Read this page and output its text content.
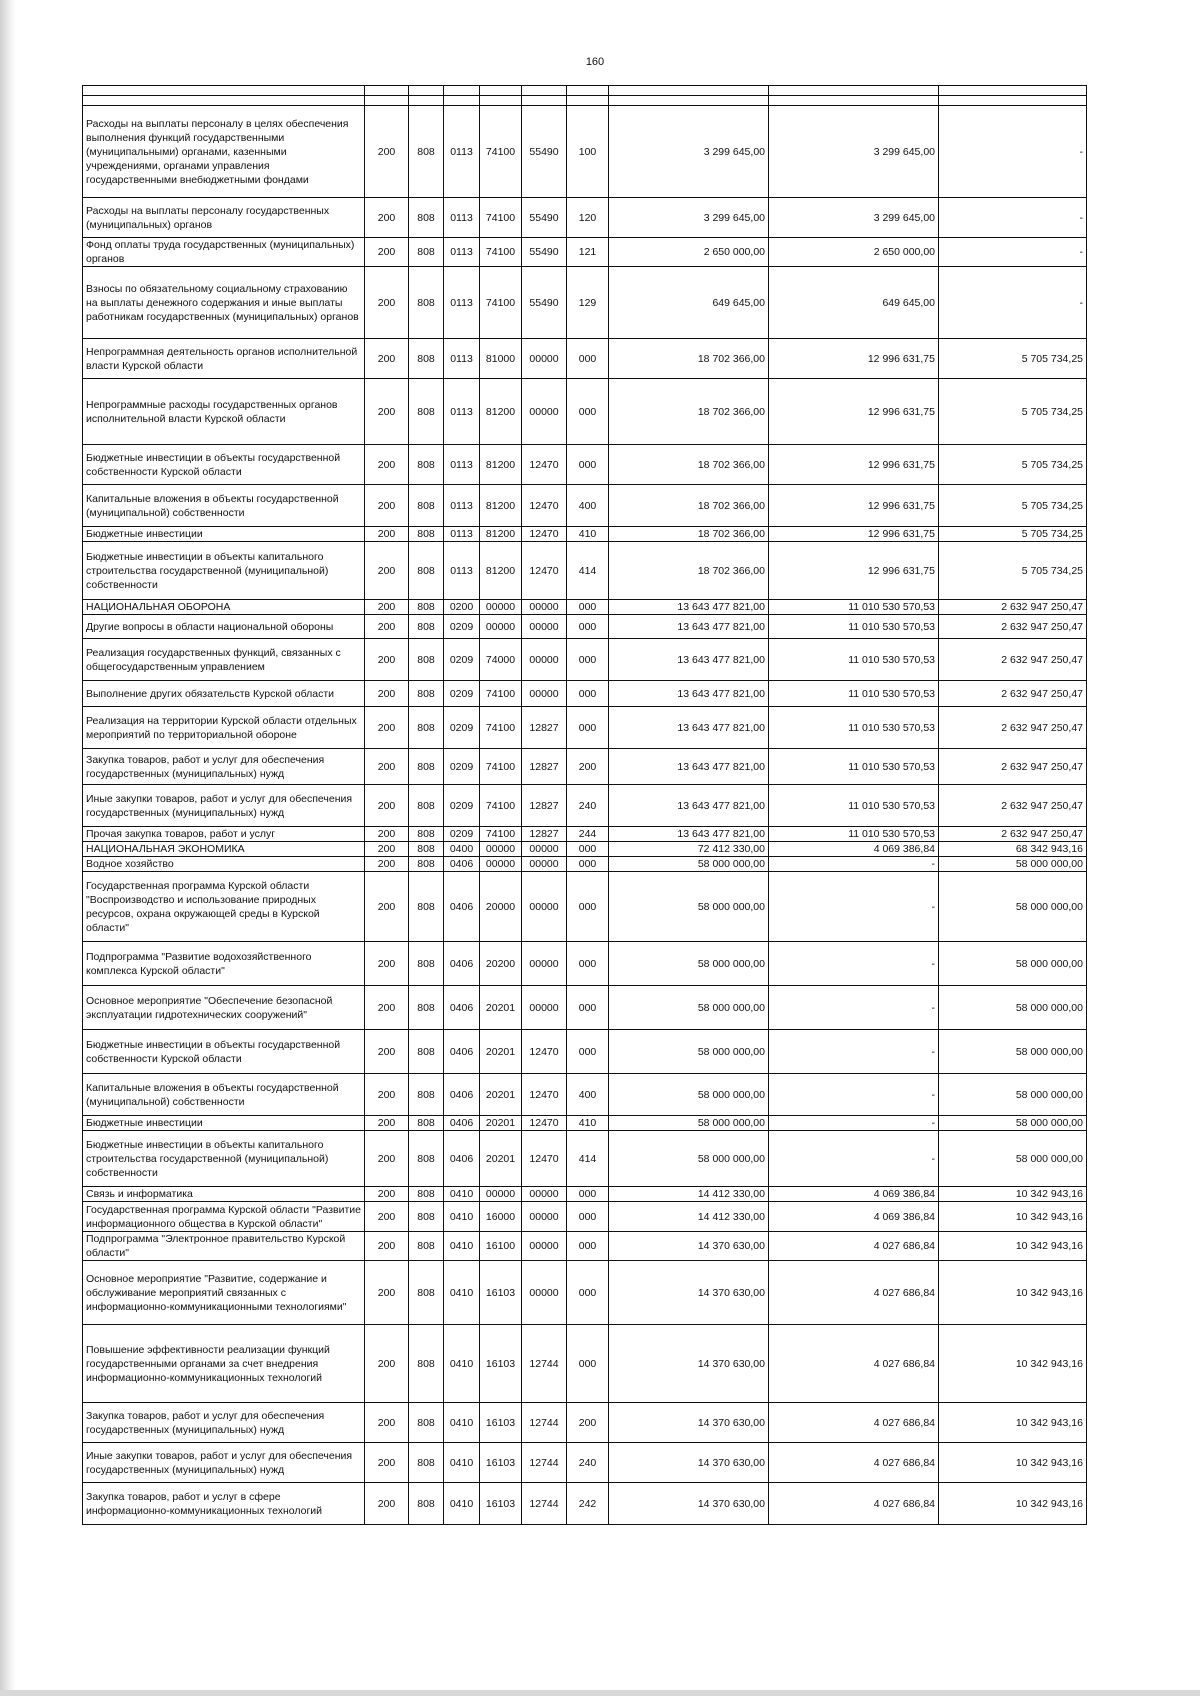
160

Расходы на выплаты персоналу в целях обеспечения выполнения функций государственными (муниципальными) органами, казенными учреждениями, органами управления государственными внебюджетными фондами	200	808	0113	74100	55490	100	3 299 645,00	3 299 645,00	-
Расходы на выплаты персоналу государственных (муниципальных) органов	200	808	0113	74100	55490	120	3 299 645,00	3 299 645,00	-
Фонд оплаты труда государственных (муниципальных) органов	200	808	0113	74100	55490	121	2 650 000,00	2 650 000,00	-
Взносы по обязательному социальному страхованию на выплаты денежного содержания и иные выплаты работникам государственных (муниципальных) органов	200	808	0113	74100	55490	129	649 645,00	649 645,00	-
Непрограммная деятельность органов исполнительной власти Курской области	200	808	0113	81000	00000	000	18 702 366,00	12 996 631,75	5 705 734,25
Непрограммные расходы государственных органов исполнительной власти Курской области	200	808	0113	81200	00000	000	18 702 366,00	12 996 631,75	5 705 734,25
Бюджетные инвестиции в объекты государственной собственности Курской области	200	808	0113	81200	12470	000	18 702 366,00	12 996 631,75	5 705 734,25
Капитальные вложения в объекты государственной (муниципальной) собственности	200	808	0113	81200	12470	400	18 702 366,00	12 996 631,75	5 705 734,25
Бюджетные инвестиции	200	808	0113	81200	12470	410	18 702 366,00	12 996 631,75	5 705 734,25
Бюджетные инвестиции в объекты капитального строительства государственной (муниципальной) собственности	200	808	0113	81200	12470	414	18 702 366,00	12 996 631,75	5 705 734,25
НАЦИОНАЛЬНАЯ ОБОРОНА	200	808	0200	00000	00000	000	13 643 477 821,00	11 010 530 570,53	2 632 947 250,47
Другие вопросы в области национальной обороны	200	808	0209	00000	00000	000	13 643 477 821,00	11 010 530 570,53	2 632 947 250,47
Реализация государственных функций, связанных с общегосударственным управлением	200	808	0209	74000	00000	000	13 643 477 821,00	11 010 530 570,53	2 632 947 250,47
Выполнение других обязательств Курской области	200	808	0209	74100	00000	000	13 643 477 821,00	11 010 530 570,53	2 632 947 250,47
Реализация на территории Курской области отдельных мероприятий по территориальной обороне	200	808	0209	74100	12827	000	13 643 477 821,00	11 010 530 570,53	2 632 947 250,47
Закупка товаров, работ и услуг для обеспечения государственных (муниципальных) нужд	200	808	0209	74100	12827	200	13 643 477 821,00	11 010 530 570,53	2 632 947 250,47
Иные закупки товаров, работ и услуг для обеспечения государственных (муниципальных) нужд	200	808	0209	74100	12827	240	13 643 477 821,00	11 010 530 570,53	2 632 947 250,47
Прочая закупка товаров, работ и услуг	200	808	0209	74100	12827	244	13 643 477 821,00	11 010 530 570,53	2 632 947 250,47
НАЦИОНАЛЬНАЯ ЭКОНОМИКА	200	808	0400	00000	00000	000	72 412 330,00	4 069 386,84	68 342 943,16
Водное хозяйство	200	808	0406	00000	00000	000	58 000 000,00	-	58 000 000,00
Государственная программа Курской области "Воспроизводство и использование природных ресурсов, охрана окружающей среды в Курской области"	200	808	0406	20000	00000	000	58 000 000,00	-	58 000 000,00
Подпрограмма "Развитие водохозяйственного комплекса Курской области"	200	808	0406	20200	00000	000	58 000 000,00	-	58 000 000,00
Основное мероприятие "Обеспечение безопасной эксплуатации гидротехнических сооружений"	200	808	0406	20201	00000	000	58 000 000,00	-	58 000 000,00
Бюджетные инвестиции в объекты государственной собственности Курской области	200	808	0406	20201	12470	000	58 000 000,00	-	58 000 000,00
Капитальные вложения в объекты государственной (муниципальной) собственности	200	808	0406	20201	12470	400	58 000 000,00	-	58 000 000,00
Бюджетные инвестиции	200	808	0406	20201	12470	410	58 000 000,00	-	58 000 000,00
Бюджетные инвестиции в объекты капитального строительства государственной (муниципальной) собственности	200	808	0406	20201	12470	414	58 000 000,00	-	58 000 000,00
Связь и информатика	200	808	0410	00000	00000	000	14 412 330,00	4 069 386,84	10 342 943,16
Государственная программа Курской области "Развитие информационного общества в Курской области"	200	808	0410	16000	00000	000	14 412 330,00	4 069 386,84	10 342 943,16
Подпрограмма "Электронное правительство Курской области"	200	808	0410	16100	00000	000	14 370 630,00	4 027 686,84	10 342 943,16
Основное мероприятие "Развитие, содержание и обслуживание мероприятий связанных с информационно-коммуникационными технологиями"	200	808	0410	16103	00000	000	14 370 630,00	4 027 686,84	10 342 943,16
Повышение эффективности реализации функций государственными органами за счет внедрения информационно-коммуникационных технологий	200	808	0410	16103	12744	000	14 370 630,00	4 027 686,84	10 342 943,16
Закупка товаров, работ и услуг для обеспечения государственных (муниципальных) нужд	200	808	0410	16103	12744	200	14 370 630,00	4 027 686,84	10 342 943,16
Иные закупки товаров, работ и услуг для обеспечения государственных (муниципальных) нужд	200	808	0410	16103	12744	240	14 370 630,00	4 027 686,84	10 342 943,16
Закупка товаров, работ и услуг в сфере информационно-коммуникационных технологий	200	808	0410	16103	12744	242	14 370 630,00	4 027 686,84	10 342 943,16
